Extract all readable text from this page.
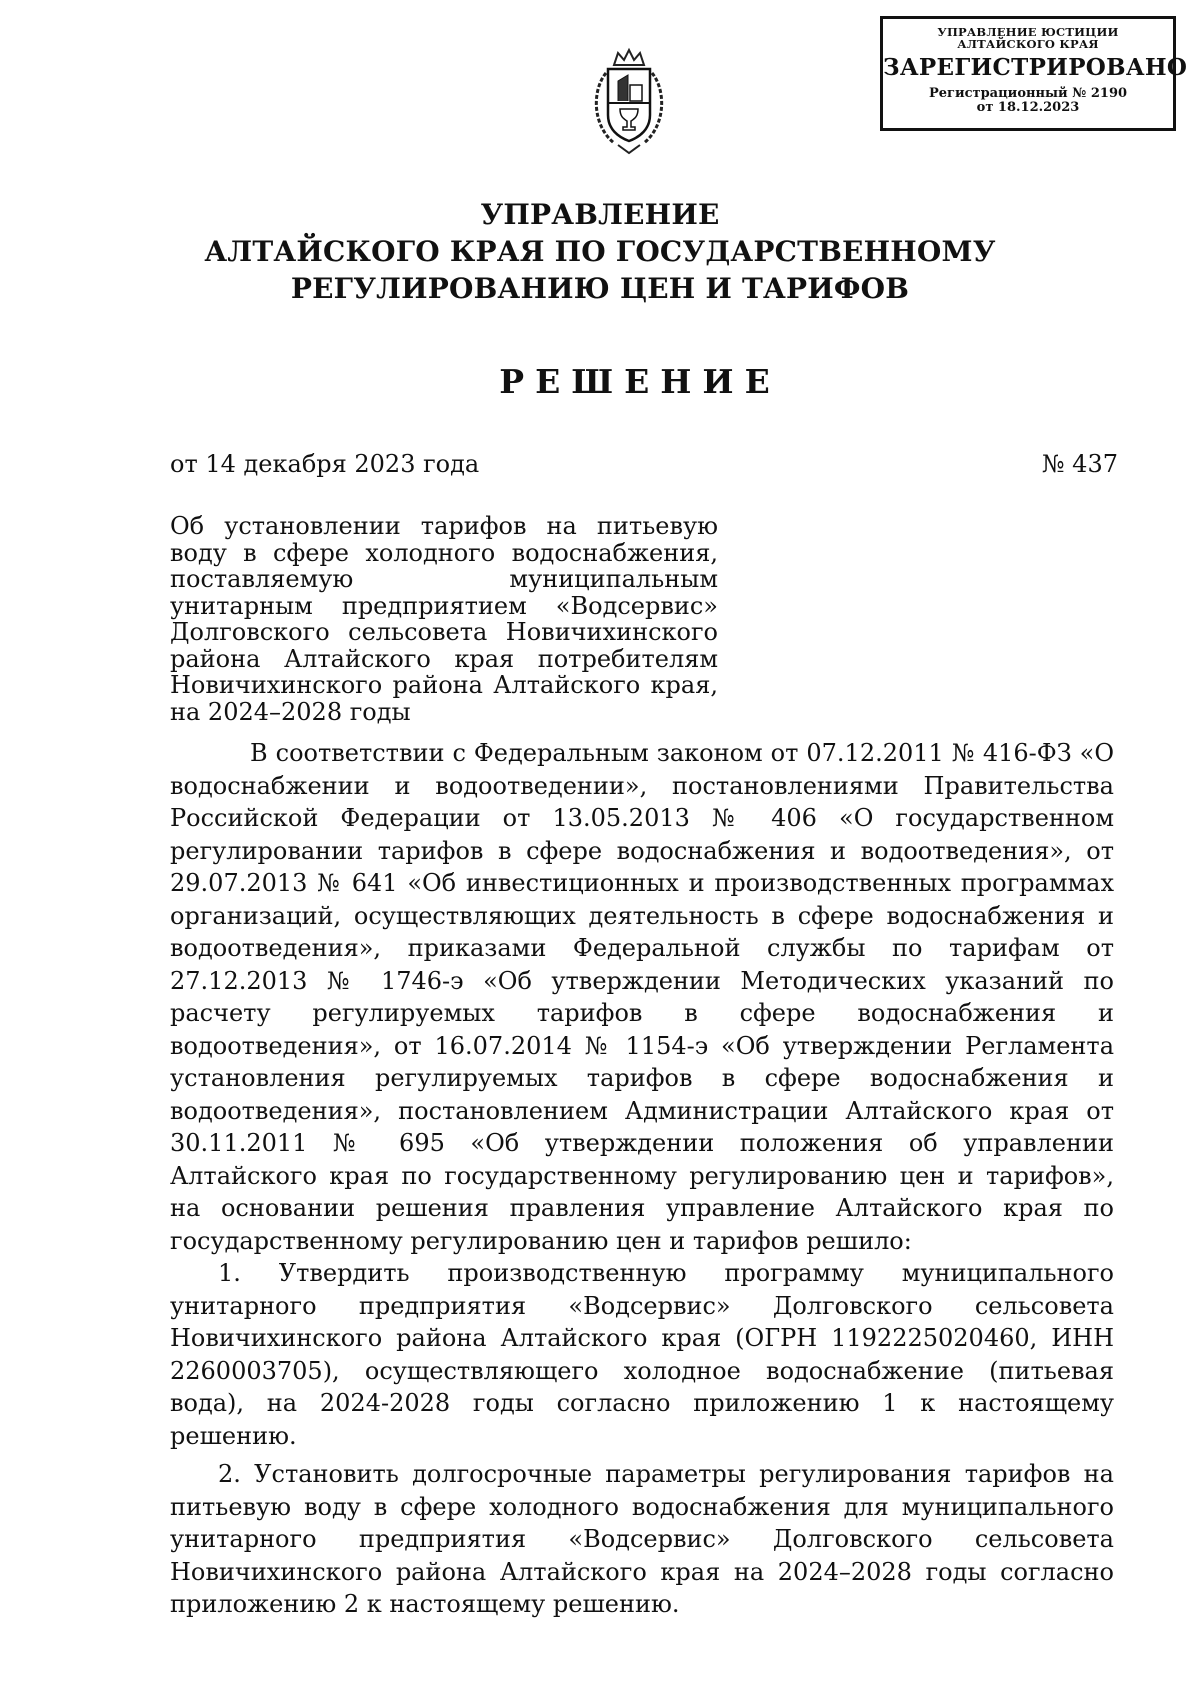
УПРАВЛЕНИЕ ЮСТИЦИИ
АЛТАЙСКОГО КРАЯ
ЗАРЕГИСТРИРОВАНО
Регистрационный № 2190
от 18.12.2023
УПРАВЛЕНИЕ
АЛТАЙСКОГО КРАЯ ПО ГОСУДАРСТВЕННОМУ
РЕГУЛИРОВАНИЮ ЦЕН И ТАРИФОВ
РЕШЕНИЕ
от 14 декабря 2023 года	№ 437
Об установлении тарифов на питьевую воду в сфере холодного водоснабжения, поставляемую муниципальным унитарным предприятием «Водсервис» Долговского сельсовета Новичихинского района Алтайского края потребителям Новичихинского района Алтайского края, на 2024–2028 годы

В соответствии с Федеральным законом от 07.12.2011 № 416-ФЗ «О водоснабжении и водоотведении», постановлениями Правительства Российской Федерации от 13.05.2013 № 406 «О государственном регулировании тарифов в сфере водоснабжения и водоотведения», от 29.07.2013 № 641 «Об инвестиционных и производственных программах организаций, осуществляющих деятельность в сфере водоснабжения и водоотведения», приказами Федеральной службы по тарифам от 27.12.2013 № 1746-э «Об утверждении Методических указаний по расчету регулируемых тарифов в сфере водоснабжения и водоотведения», от 16.07.2014 № 1154-э «Об утверждении Регламента установления регулируемых тарифов в сфере водоснабжения и водоотведения», постановлением Администрации Алтайского края от 30.11.2011 № 695 «Об утверждении положения об управлении Алтайского края по государственному регулированию цен и тарифов», на основании решения правления управление Алтайского края по государственному регулированию цен и тарифов решило:

1. Утвердить производственную программу муниципального унитарного предприятия «Водсервис» Долговского сельсовета Новичихинского района Алтайского края (ОГРН 1192225020460, ИНН 2260003705), осуществляющего холодное водоснабжение (питьевая вода), на 2024-2028 годы согласно приложению 1 к настоящему решению.

2. Установить долгосрочные параметры регулирования тарифов на питьевую воду в сфере холодного водоснабжения для муниципального унитарного предприятия «Водсервис» Долговского сельсовета Новичихинского района Алтайского края на 2024–2028 годы согласно приложению 2 к настоящему решению.
